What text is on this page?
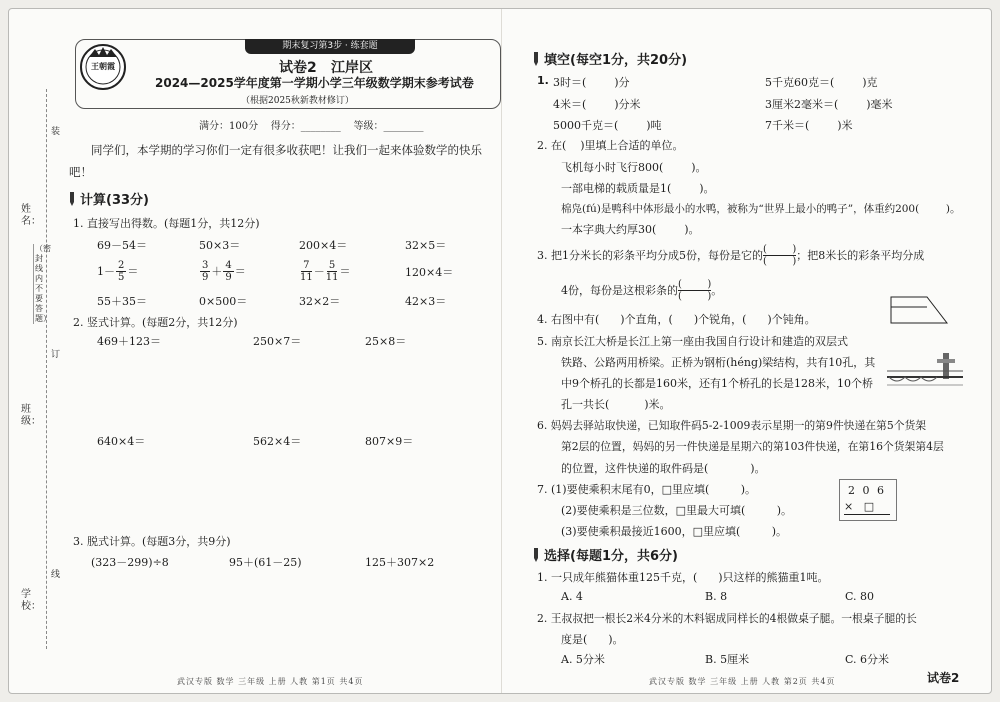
装
订
线
姓名：
班级：
学校：
（密封线内不要答题）
期末复习第3步 · 练套题
王朝霞	试卷2 江岸区
2024—2025学年度第一学期小学三年级数学期末参考试卷
（根据2025秋新教材修订）
满分：100分    得分：________    等级：________
同学们，本学期的学习你们一定有很多收获吧！让我们一起来体验数学的快乐吧！
计算(33分)
1. 直接写出得数。(每题1分，共12分)
69－54＝	50×3＝	200×4＝	32×5＝
$1- \frac{2}{5}$ ＝	$\frac{3}{9} + \frac{4}{9}$ ＝	$\frac{7}{11} - \frac{5}{11}$ ＝	120×4＝
55＋35＝	0×500＝	32×2＝	42×3＝
2. 竖式计算。(每题2分，共12分)
469＋123＝	250×7＝	25×8＝
640×4＝	562×4＝	807×9＝
3. 脱式计算。(每题3分，共9分)
(323－299)÷8	95＋(61－25)	125＋307×2
武汉专版 数学 三年级 上册 人教 第1页 共4页
填空(每空1分，共20分)
1. 3时＝(        )分	5千克60克＝(        )克
4米＝(        )分米	3厘米2毫米＝(        )毫米
5000千克＝(        )吨	7千米＝(        )米
2. 在(    )里填上合适的单位。
飞机每小时飞行800(        )。
一部电梯的载质量是1(        )。
棉凫(fú)是鸭科中体形最小的水鸭，被称为“世界上最小的鸭子”，体重约200(        )。
一本字典大约厚30(        )。
3. 把1分米长的彩条平均分成5份，每份是它的 $\frac{( )}{( )}$ ；把8米长的彩条平均分成
4份，每份是这根彩条的 $\frac{( )}{( )}$ 。
4. 右图中有(      )个直角，(      )个锐角，(      )个钝角。
5. 南京长江大桥是长江上第一座由我国自行设计和建造的双层式
铁路、公路两用桥梁。正桥为钢桁(héng)梁结构，共有10孔，其
中9个桥孔的长都是160米，还有1个桥孔的长是128米，10个桥
孔一共长(          )米。
6. 妈妈去驿站取快递，已知取件码5-2-1009表示星期一的第9件快递在第5个货架
第2层的位置，妈妈的另一件快递是星期六的第103件快递，在第16个货架第4层
的位置，这件快递的取件码是(            )。
7. (1)要使乘积末尾有0，□里应填(         )。
(2)要使乘积是三位数，□里最大可填(         )。
(3)要使乘积最接近1600，□里应填(         )。
2 0 6
×   □
选择(每题1分，共6分)
1. 一只成年熊猫体重125千克，(      )只这样的熊猫重1吨。
A. 4	B. 8	C. 80
2. 王叔叔把一根长2米4分米的木料锯成同样长的4根做桌子腿。一根桌子腿的长
度是(      )。
A. 5分米	B. 5厘米	C. 6分米
武汉专版 数学 三年级 上册 人教 第2页 共4页	试卷2
